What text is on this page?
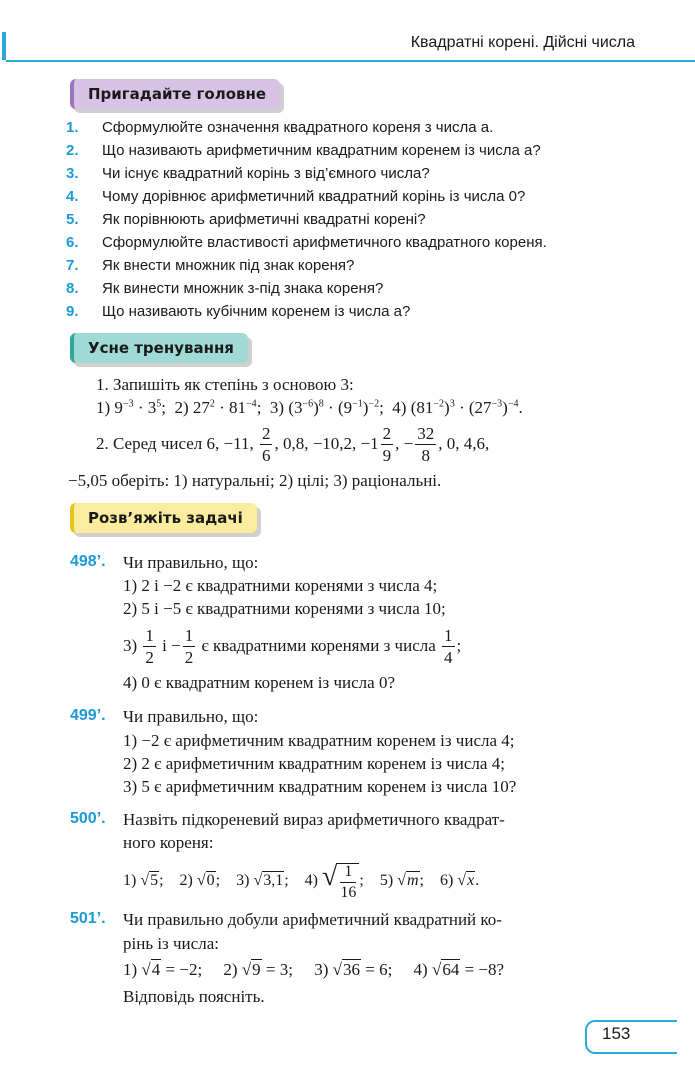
Квадратні корені. Дійсні числа
Пригадайте головне
1. Сформулюйте означення квадратного кореня з числа a.
2. Що називають арифметичним квадратним коренем із числа a?
3. Чи існує квадратний корінь з від’ємного числа?
4. Чому дорівнює арифметичний квадратний корінь із числа 0?
5. Як порівнюють арифметичні квадратні корені?
6. Сформулюйте властивості арифметичного квадратного кореня.
7. Як внести множник під знак кореня?
8. Як винести множник з-під знака кореня?
9. Що називають кубічним коренем із числа a?
Усне тренування
1. Запишіть як степінь з основою 3:
1) $9^{-3} \cdot 3^5$;  2) $27^2 \cdot 81^{-4}$;  3) $(3^{-6})^8 \cdot (9^{-1})^{-2}$;  4) $(81^{-2})^3 \cdot (27^{-3})^{-4}$.
2. Серед чисел 6, −11,
$\frac{2}{6}$ , 0,8, −10,2, $-1 \frac{2}{9}$ , − $\frac{32}{8}$ , 0, 4,6,
−5,05 оберіть: 1) натуральні; 2) цілі; 3) раціональні.
Розв’яжіть задачі
498’. Чи правильно, що:
1) 2 і −2 є квадратними коренями з числа 4;
2) 5 і −5 є квадратними коренями з числа 10;
$3) \frac{1}{2}$ $і - \frac{1}{2}$
є квадратними коренями з числа
$\frac{1}{4}$ ;
4) 0 є квадратним коренем із числа 0?
499’. Чи правильно, що:
1) −2 є арифметичним квадратним коренем із числа 4;
2) 2 є арифметичним квадратним коренем із числа 4;
3) 5 є арифметичним квадратним коренем із числа 10?
500’. Назвіть підкореневий вираз арифметичного квадрат-
ного кореня:
1) √5 ;    2) √0 ;    3) √3,1 ;    4) √ $\frac{1}{16}$ ;    5) √m ;    6) √x .
501’. Чи правильно добули арифметичний квадратний ко-
рінь із числа:
1) √4 = −2;     2) √9 = 3;     3) √36 = 6;     4) √64 = −8?
Відповідь поясніть.
153
